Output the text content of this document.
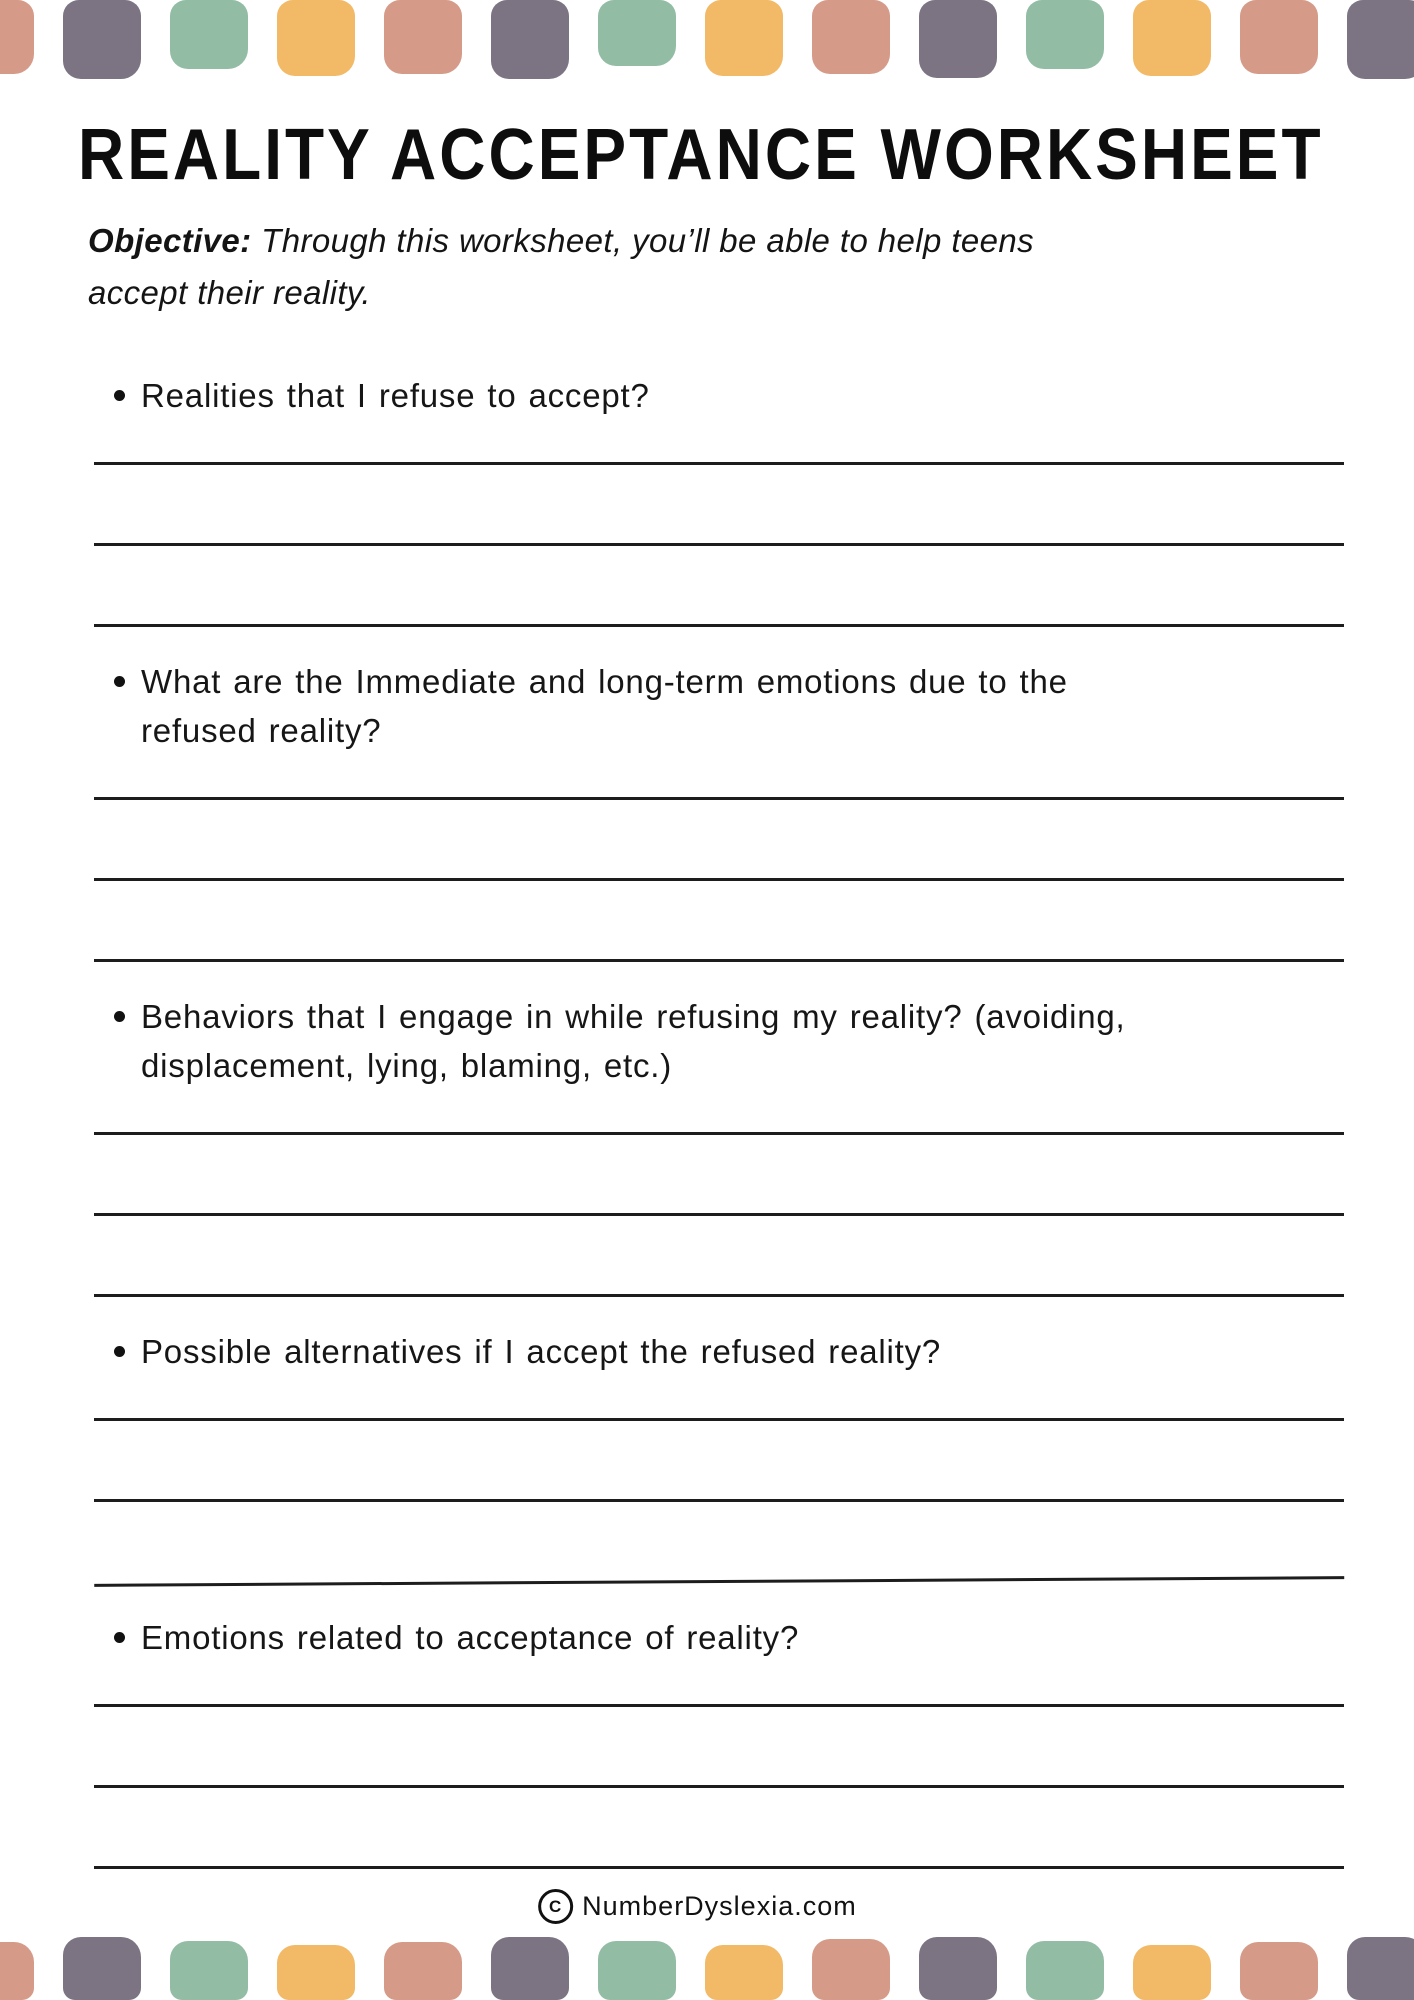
REALITY ACCEPTANCE WORKSHEET

Objective: Through this worksheet, you’ll be able to help teens
accept their reality.

Realities that I refuse to accept?
What are the Immediate and long-term emotions due to the
refused reality?
Behaviors that I engage in while refusing my reality? (avoiding,
displacement, lying, blaming, etc.)
Possible alternatives if I accept the refused reality?
Emotions related to acceptance of reality?
C NumberDyslexia.com
